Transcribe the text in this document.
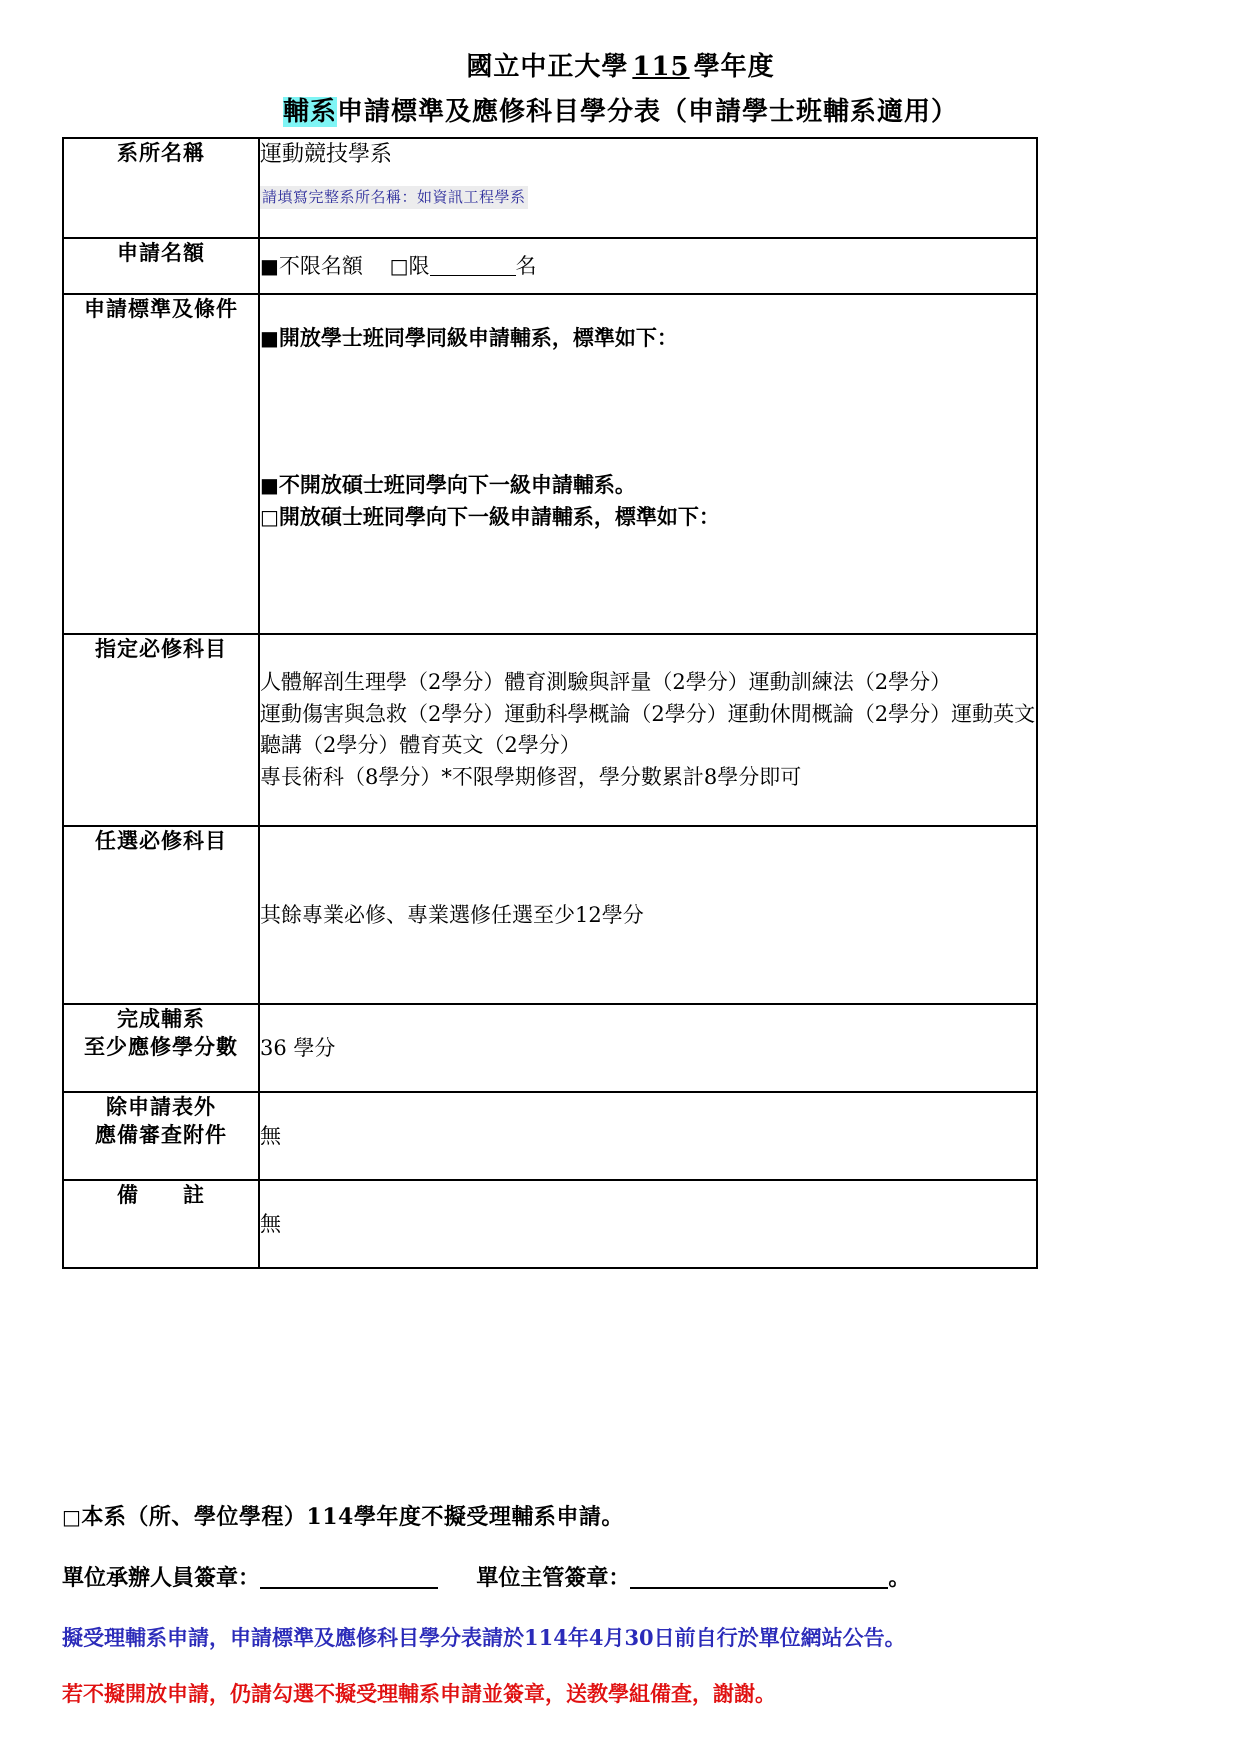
國立中正大學 115 學年度
輔系申請標準及應修科目學分表（申請學士班輔系適用）
系所名稱	運動競技學系
請填寫完整系所名稱：如資訊工程學系
申請名額	■不限名額 □限 名
申請標準及條件	■開放學士班同學同級申請輔系，標準如下：
■不開放碩士班同學向下一級申請輔系。
□開放碩士班同學向下一級申請輔系，標準如下：

指定必修科目	人體解剖生理學（2學分）體育測驗與評量（2學分）運動訓練法（2學分）
運動傷害與急救（2學分）運動科學概論（2學分）運動休閒概論（2學分）運動英文聽講（2學分）體育英文（2學分）
專長術科（8學分）*不限學期修習，學分數累計8學分即可

任選必修科目	其餘專業必修、專業選修任選至少12學分

完成輔系
至少應修學分數	36 學分

除申請表外
應備審查附件	無
備　　註	無
□本系（所、學位學程）114學年度不擬受理輔系申請。
單位承辦人員簽章：	單位主管簽章：	。
擬受理輔系申請，申請標準及應修科目學分表請於114年4月30日前自行於單位網站公告。
若不擬開放申請，仍請勾選不擬受理輔系申請並簽章，送教學組備查，謝謝。
